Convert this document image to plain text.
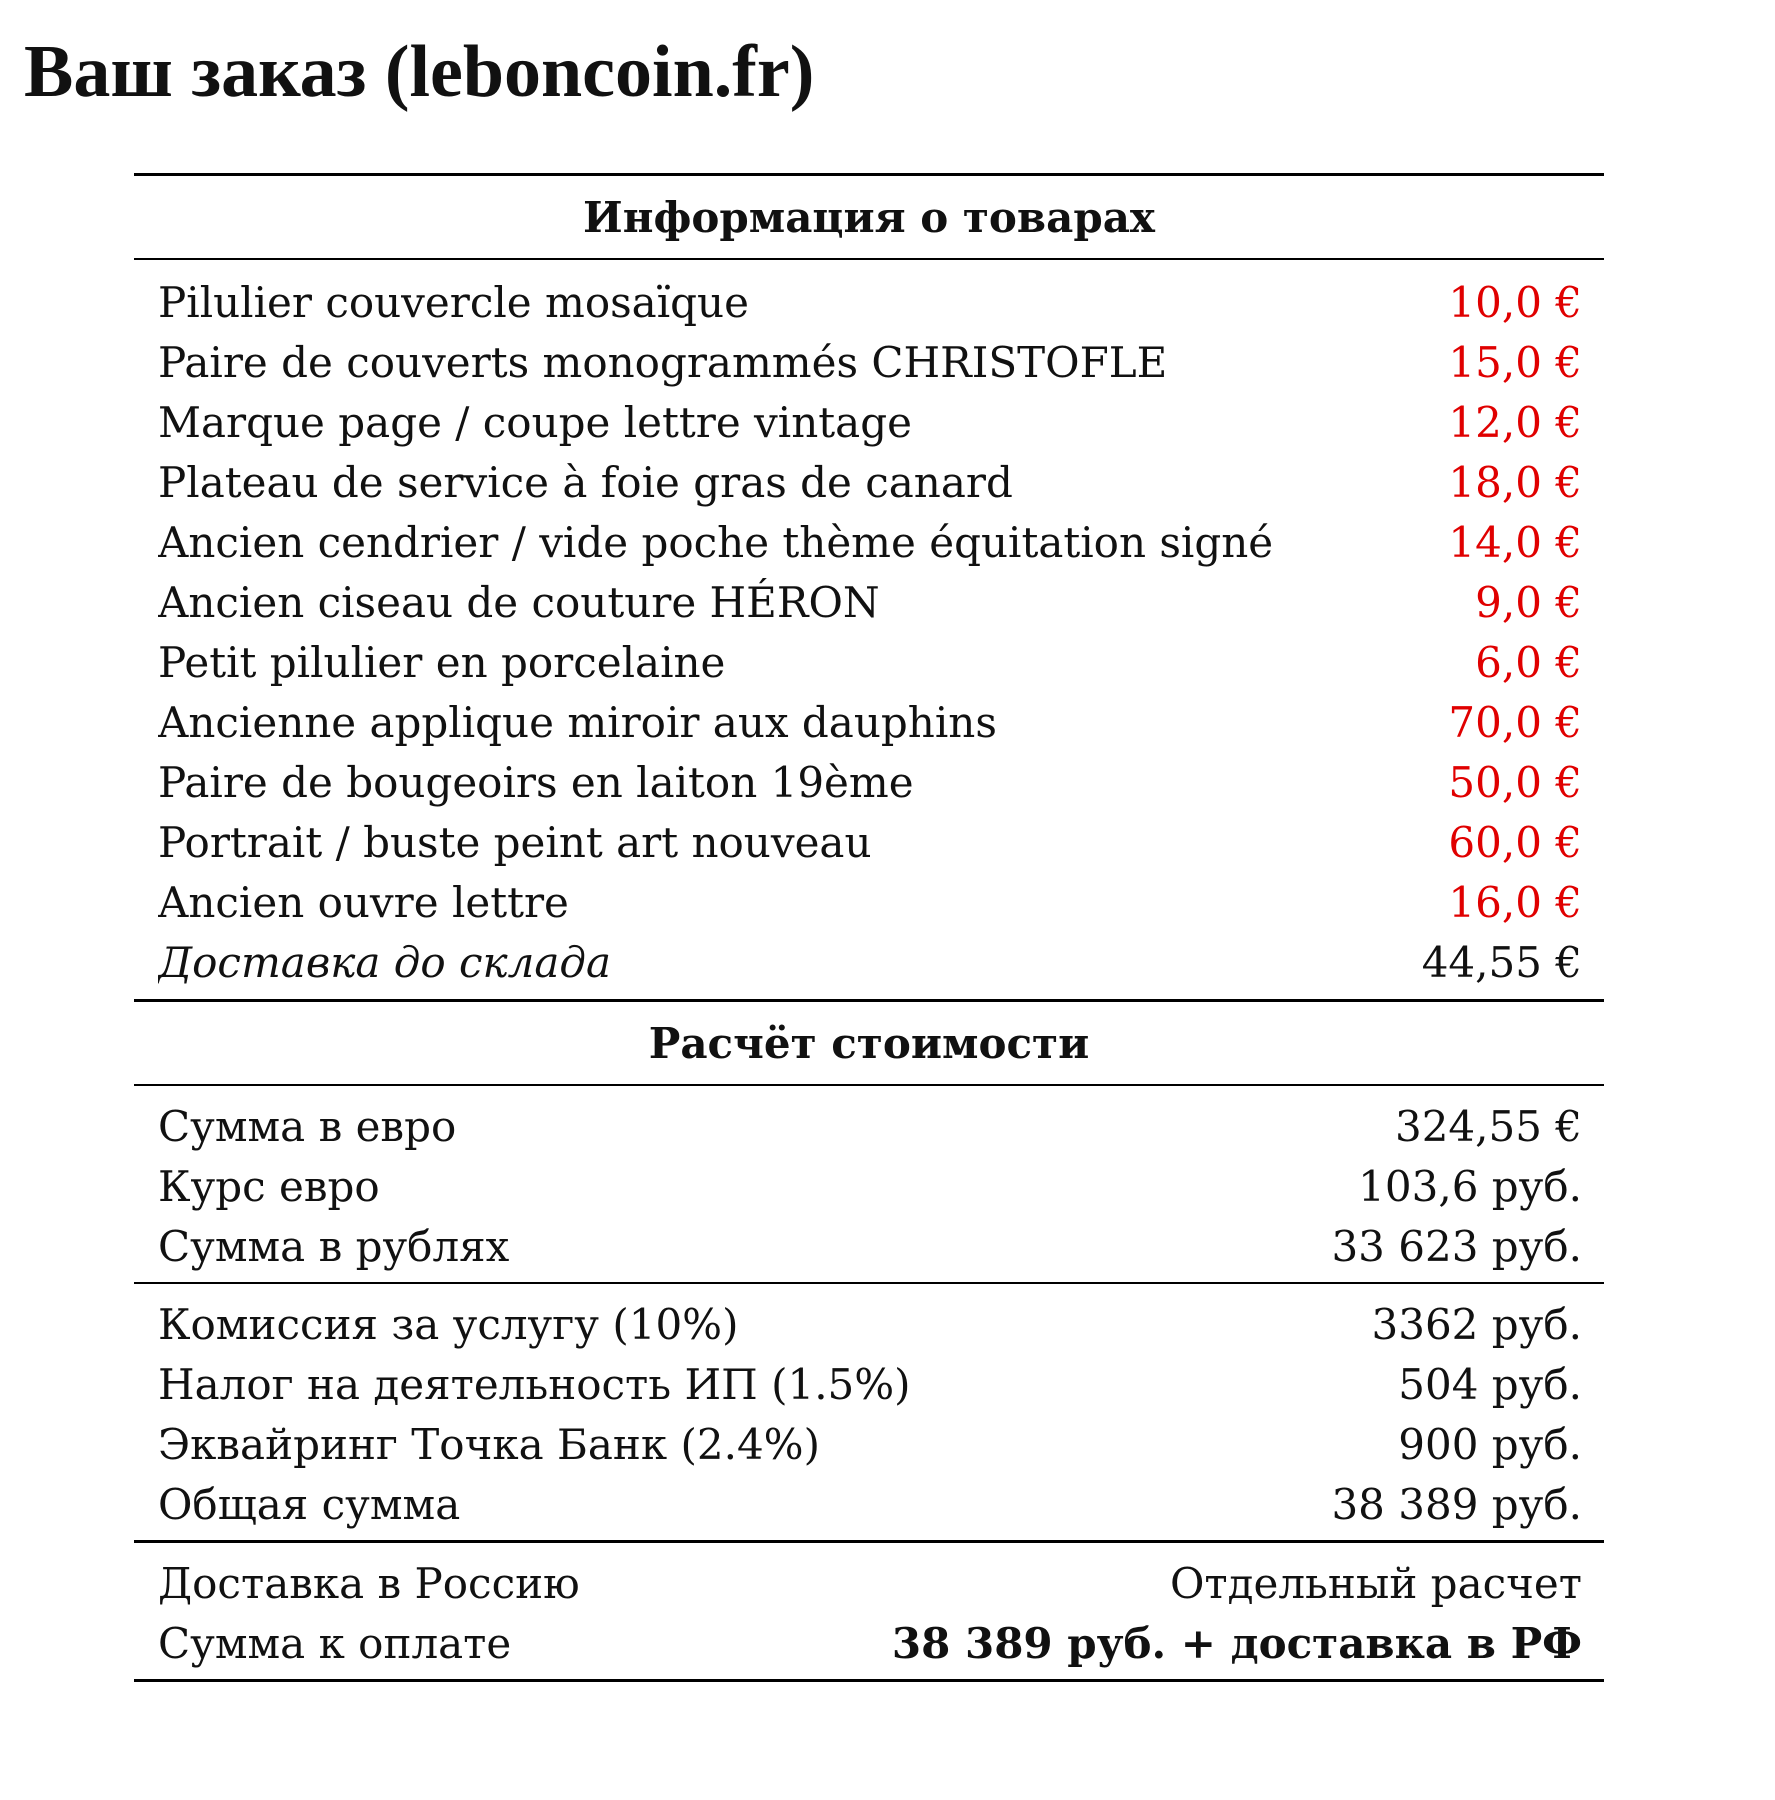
Ваш заказ (leboncoin.fr)
Информация о товарах
Pilulier couvercle mosaïque	10,0 €
Paire de couverts monogrammés CHRISTOFLE	15,0 €
Marque page / coupe lettre vintage	12,0 €
Plateau de service à foie gras de canard	18,0 €
Ancien cendrier / vide poche thème équitation signé	14,0 €
Ancien ciseau de couture HÉRON	9,0 €
Petit pilulier en porcelaine	6,0 €
Ancienne applique miroir aux dauphins	70,0 €
Paire de bougeoirs en laiton 19ème	50,0 €
Portrait / buste peint art nouveau	60,0 €
Ancien ouvre lettre	16,0 €
Доставка до склада	44,55 €
Расчёт стоимости
Сумма в евро	324,55 €
Курс евро	103,6 руб.
Сумма в рублях	33 623 руб.
Комиссия за услугу (10%)	3362 руб.
Налог на деятельность ИП (1.5%)	504 руб.
Эквайринг Точка Банк (2.4%)	900 руб.
Общая сумма	38 389 руб.
Доставка в Россию	Отдельный расчет
Сумма к оплате	38 389 руб. + доставка в РФ
